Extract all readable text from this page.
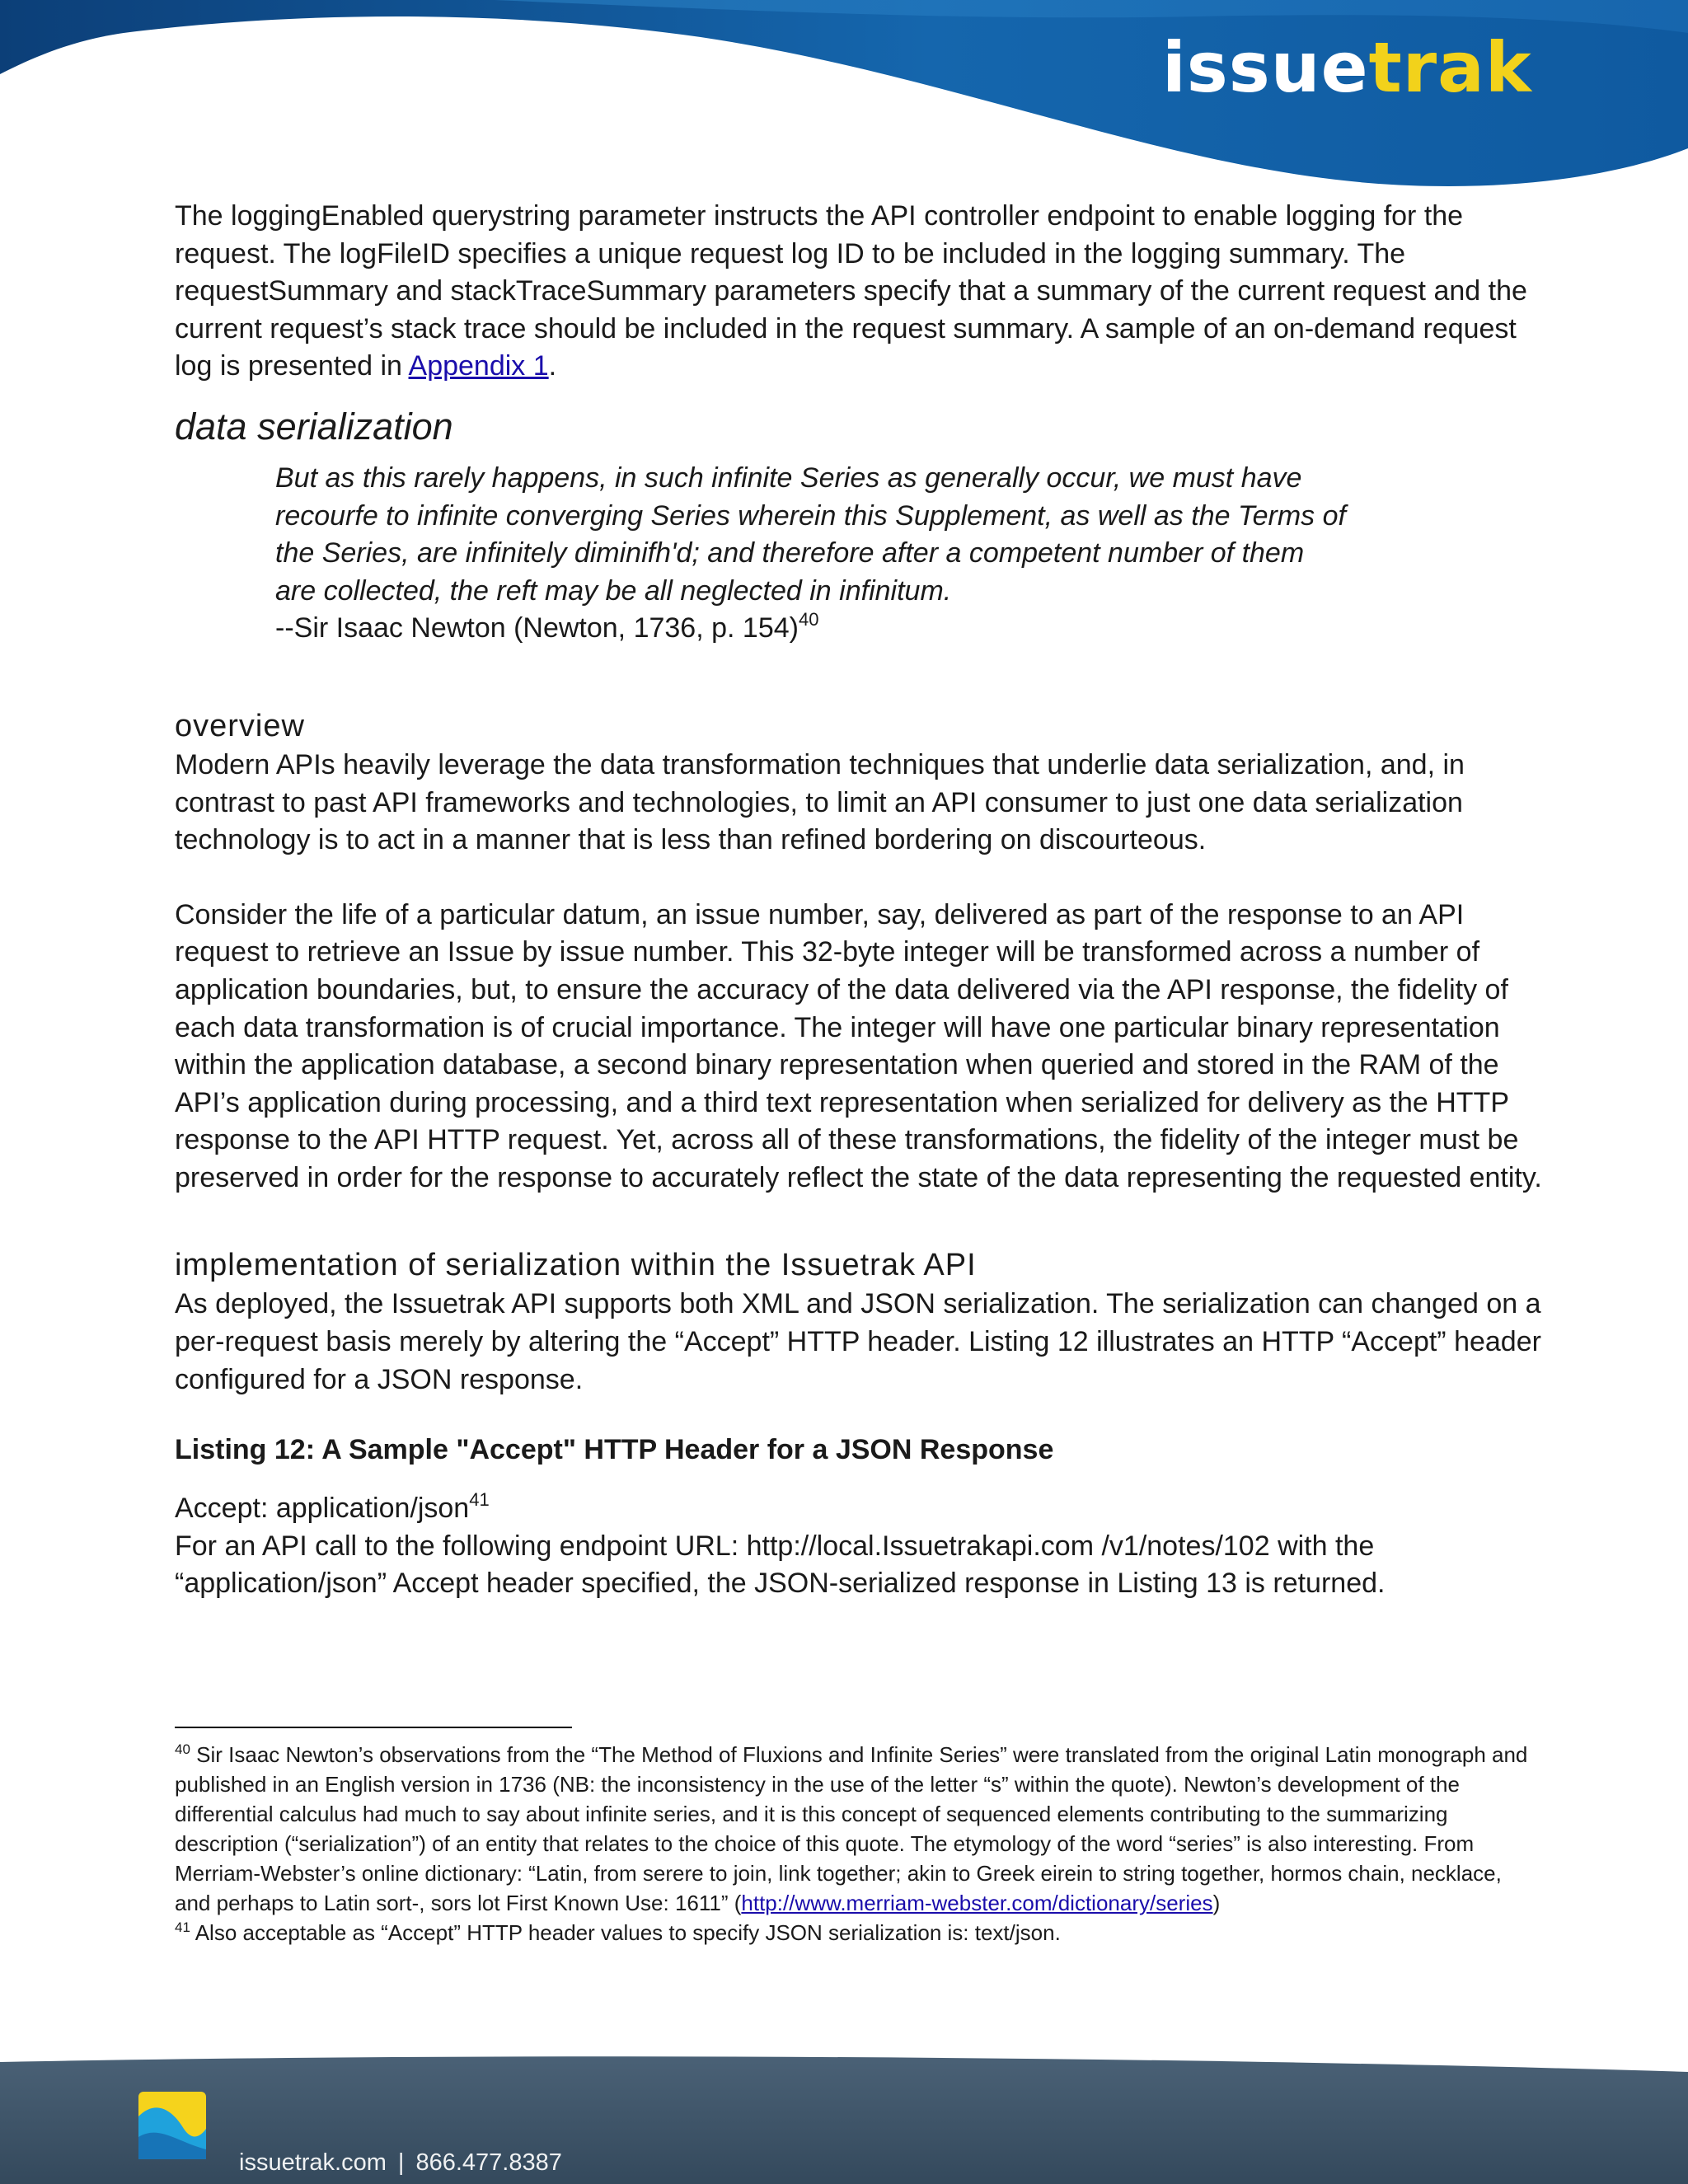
issuetrak

The loggingEnabled querystring parameter instructs the API controller endpoint to enable logging for the request. The logFileID specifies a unique request log ID to be included in the logging summary. The requestSummary and stackTraceSummary parameters specify that a summary of the current request and the current request’s stack trace should be included in the request summary. A sample of an on-demand request log is presented in Appendix 1.

data serialization
But as this rarely happens, in such infinite Series as generally occur, we must have recourfe to infinite converging Series wherein this Supplement, as well as the Terms of the Series, are infinitely diminifh'd; and therefore after a competent number of them are collected, the reft may be all neglected in infinitum.
--Sir Isaac Newton (Newton, 1736, p. 154)$^{40}$
overview

Modern APIs heavily leverage the data transformation techniques that underlie data serialization, and, in contrast to past API frameworks and technologies, to limit an API consumer to just one data serialization technology is to act in a manner that is less than refined bordering on discourteous.

Consider the life of a particular datum, an issue number, say, delivered as part of the response to an API request to retrieve an Issue by issue number. This 32-byte integer will be transformed across a number of application boundaries, but, to ensure the accuracy of the data delivered via the API response, the fidelity of each data transformation is of crucial importance. The integer will have one particular binary representation within the application database, a second binary representation when queried and stored in the RAM of the API’s application during processing, and a third text representation when serialized for delivery as the HTTP response to the API HTTP request. Yet, across all of these transformations, the fidelity of the integer must be preserved in order for the response to accurately reflect the state of the data representing the requested entity.

implementation of serialization within the Issuetrak API

As deployed, the Issuetrak API supports both XML and JSON serialization. The serialization can changed on a per-request basis merely by altering the “Accept” HTTP header. Listing 12 illustrates an HTTP “Accept” header configured for a JSON response.

Listing 12: A Sample "Accept" HTTP Header for a JSON Response

Accept: application/json$^{41}$

For an API call to the following endpoint URL: http://local.Issuetrakapi.com /v1/notes/102 with the “application/json” Accept header specified, the JSON-serialized response in Listing 13 is returned.

$^{40}$ Sir Isaac Newton’s observations from the “The Method of Fluxions and Infinite Series” were translated from the original Latin monograph and published in an English version in 1736 (NB: the inconsistency in the use of the letter “s” within the quote). Newton’s development of the differential calculus had much to say about infinite series, and it is this concept of sequenced elements contributing to the summarizing description (“serialization”) of an entity that relates to the choice of this quote. The etymology of the word “series” is also interesting. From Merriam-Webster’s online dictionary: “Latin, from serere to join, link together; akin to Greek eirein to string together, hormos chain, necklace, and perhaps to Latin sort-, sors lot First Known Use: 1611” (http://www.merriam-webster.com/dictionary/series)

$^{41}$ Also acceptable as “Accept” HTTP header values to specify JSON serialization is: text/json.

issuetrak.com | 866.477.8387
